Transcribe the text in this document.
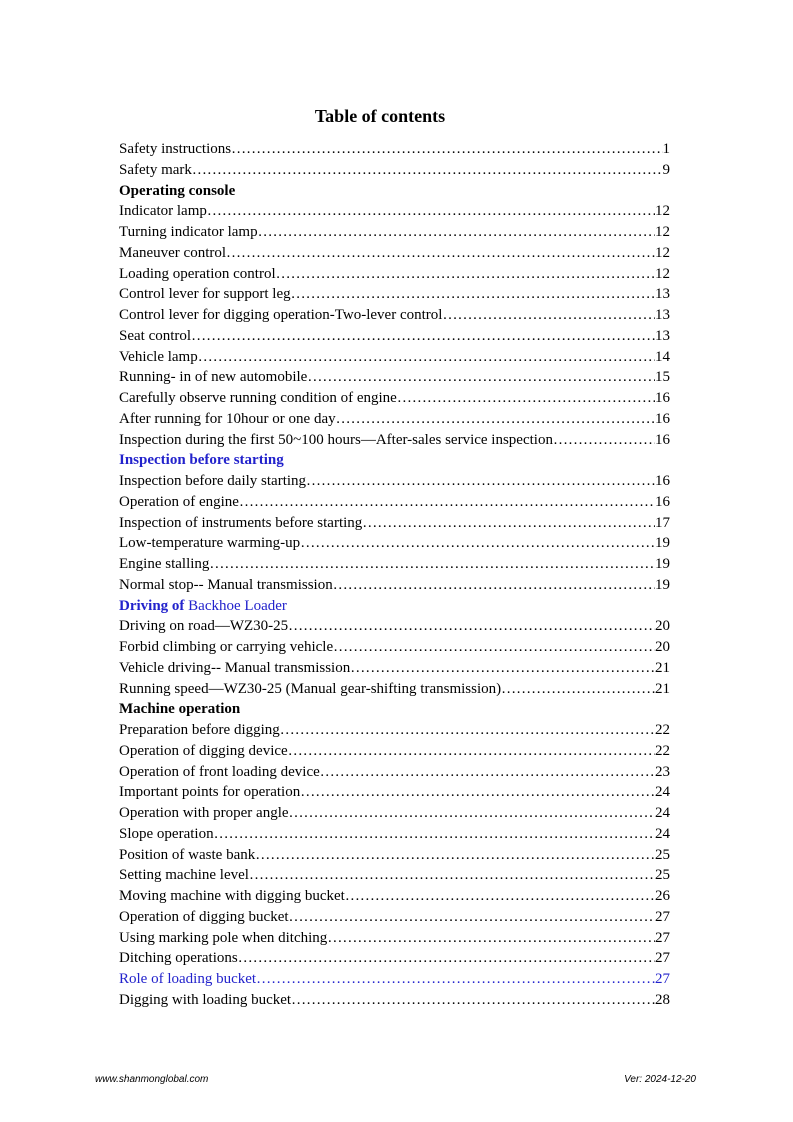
Table of contents
Safety instructions ……………………………………………………………………………………………………………………………………………………………………………………	1
Safety mark ……………………………………………………………………………………………………………………………………………………………………………………	9
Operating console
Indicator lamp ……………………………………………………………………………………………………………………………………………………………………………………	12
Turning indicator lamp ……………………………………………………………………………………………………………………………………………………………………………………	12
Maneuver control ……………………………………………………………………………………………………………………………………………………………………………………	12
Loading operation control ……………………………………………………………………………………………………………………………………………………………………………………	12
Control lever for support leg ……………………………………………………………………………………………………………………………………………………………………………………	13
Control lever for digging operation-Two-lever control ……………………………………………………………………………………………………………………………………………………………………………………	13
Seat control ……………………………………………………………………………………………………………………………………………………………………………………	13
Vehicle lamp ……………………………………………………………………………………………………………………………………………………………………………………	14
Running- in of new automobile ……………………………………………………………………………………………………………………………………………………………………………………	15
Carefully observe running condition of engine ……………………………………………………………………………………………………………………………………………………………………………………	16
After running for 10hour or one day ……………………………………………………………………………………………………………………………………………………………………………………	16
Inspection during the first 50~100 hours—After-sales service inspection ……………………………………………………………………………………………………………………………………………………………………………………	16
Inspection before starting
Inspection before daily starting ……………………………………………………………………………………………………………………………………………………………………………………	16
Operation of engine ……………………………………………………………………………………………………………………………………………………………………………………	16
Inspection of instruments before starting ……………………………………………………………………………………………………………………………………………………………………………………	17
Low-temperature warming-up ……………………………………………………………………………………………………………………………………………………………………………………	19
Engine stalling ……………………………………………………………………………………………………………………………………………………………………………………	19
Normal stop-- Manual transmission ……………………………………………………………………………………………………………………………………………………………………………………	19
Driving of Backhoe Loader
Driving on road—WZ30-25 ……………………………………………………………………………………………………………………………………………………………………………………	20
Forbid climbing or carrying vehicle ……………………………………………………………………………………………………………………………………………………………………………………	20
Vehicle driving-- Manual transmission ……………………………………………………………………………………………………………………………………………………………………………………	21
Running speed—WZ30-25 (Manual gear-shifting transmission) ……………………………………………………………………………………………………………………………………………………………………………………	21
Machine operation
Preparation before digging ……………………………………………………………………………………………………………………………………………………………………………………	22
Operation of digging device ……………………………………………………………………………………………………………………………………………………………………………………	22
Operation of front loading device ……………………………………………………………………………………………………………………………………………………………………………………	23
Important points for operation ……………………………………………………………………………………………………………………………………………………………………………………	24
Operation with proper angle ……………………………………………………………………………………………………………………………………………………………………………………	24
Slope operation ……………………………………………………………………………………………………………………………………………………………………………………	24
Position of waste bank ……………………………………………………………………………………………………………………………………………………………………………………	25
Setting machine level ……………………………………………………………………………………………………………………………………………………………………………………	25
Moving machine with digging bucket ……………………………………………………………………………………………………………………………………………………………………………………	26
Operation of digging bucket ……………………………………………………………………………………………………………………………………………………………………………………	27
Using marking pole when ditching ……………………………………………………………………………………………………………………………………………………………………………………	27
Ditching operations ……………………………………………………………………………………………………………………………………………………………………………………	27
Role of loading bucket ……………………………………………………………………………………………………………………………………………………………………………………	27
Digging with loading bucket ……………………………………………………………………………………………………………………………………………………………………………………	28
www.shanmonglobal.com	Ver: 2024-12-20
